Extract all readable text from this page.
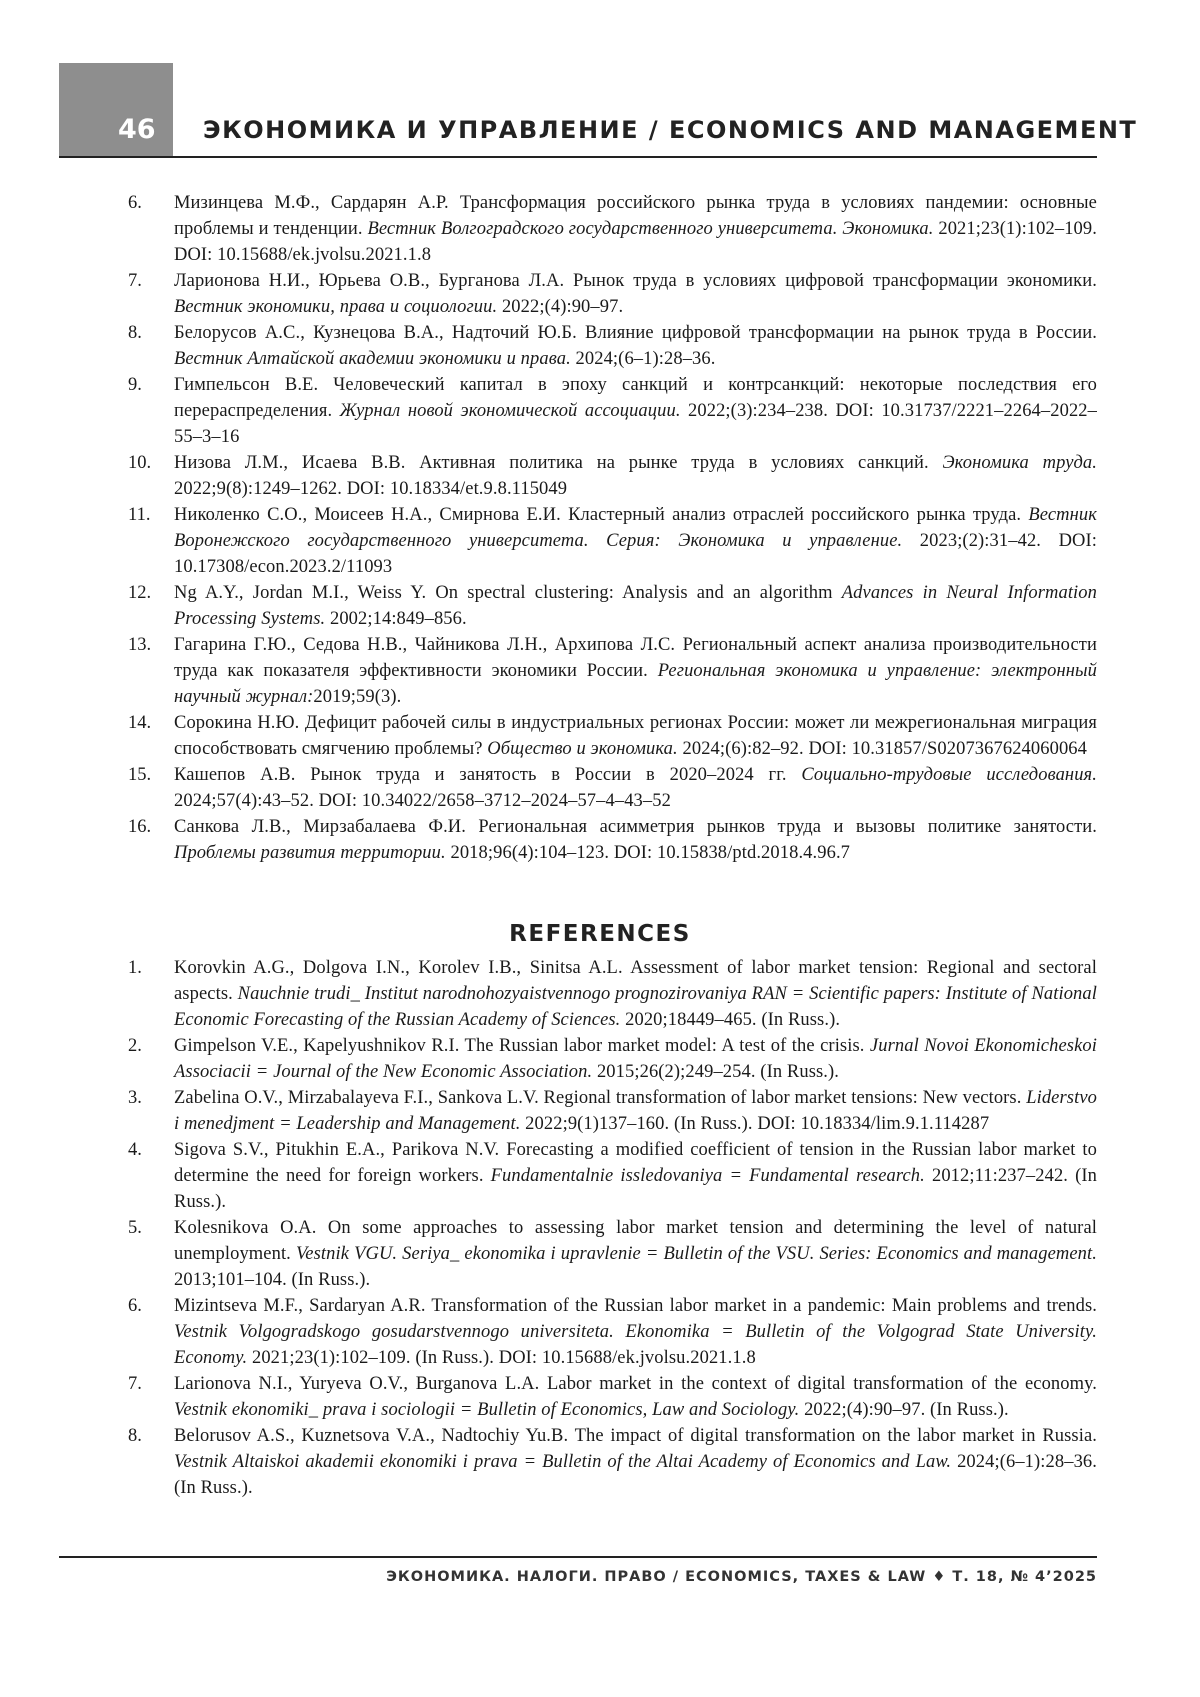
46 ЭКОНОМИКА И УПРАВЛЕНИЕ / ECONOMICS AND MANAGEMENT
6.	Мизинцева М.Ф., Сардарян А.Р. Трансформация российского рынка труда в условиях пандемии: основные проблемы и тенденции. Вестник Волгоградского государственного университета. Экономика. 2021;23(1):102–109. DOI: 10.15688/ek.jvolsu.2021.1.8
7.	Ларионова Н.И., Юрьева О.В., Бурганова Л.А. Рынок труда в условиях цифровой трансформации экономики. Вестник экономики, права и социологии. 2022;(4):90–97.
8.	Белорусов А.С., Кузнецова В.А., Надточий Ю.Б. Влияние цифровой трансформации на рынок труда в России. Вестник Алтайской академии экономики и права. 2024;(6–1):28–36.
9.	Гимпельсон В.Е. Человеческий капитал в эпоху санкций и контрсанкций: некоторые последствия его перераспределения. Журнал новой экономической ассоциации. 2022;(3):234–238. DOI: 10.31737/2221–2264–2022–55–3–16
10.	Низова Л.М., Исаева В.В. Активная политика на рынке труда в условиях санкций. Экономика труда. 2022;9(8):1249–1262. DOI: 10.18334/et.9.8.115049
11.	Николенко С.О., Моисеев Н.А., Смирнова Е.И. Кластерный анализ отраслей российского рынка труда. Вестник Воронежского государственного университета. Серия: Экономика и управление. 2023;(2):31–42. DOI: 10.17308/econ.2023.2/11093
12.	Ng A.Y., Jordan M.I., Weiss Y. On spectral clustering: Analysis and an algorithm Advances in Neural Information Processing Systems. 2002;14:849–856.
13.	Гагарина Г.Ю., Седова Н.В., Чайникова Л.Н., Архипова Л.С. Региональный аспект анализа производительности труда как показателя эффективности экономики России. Региональная экономика и управление: электронный научный журнал:2019;59(3).
14.	Сорокина Н.Ю. Дефицит рабочей силы в индустриальных регионах России: может ли межрегиональная миграция способствовать смягчению проблемы? Общество и экономика. 2024;(6):82–92. DOI: 10.31857/S0207367624060064
15.	Кашепов А.В. Рынок труда и занятость в России в 2020–2024 гг. Социально-трудовые исследования. 2024;57(4):43–52. DOI: 10.34022/2658–3712–2024–57–4–43–52
16.	Санкова Л.В., Мирзабалаева Ф.И. Региональная асимметрия рынков труда и вызовы политике занятости. Проблемы развития территории. 2018;96(4):104–123. DOI: 10.15838/ptd.2018.4.96.7
REFERENCES
1.	Korovkin A.G., Dolgova I.N., Korolev I.B., Sinitsa A.L. Assessment of labor market tension: Regional and sectoral aspects. Nauchnie trudi_ Institut narodnohozyaistvennogo prognozirovaniya RAN = Scientific papers: Institute of National Economic Forecasting of the Russian Academy of Sciences. 2020;18449–465. (In Russ.).
2.	Gimpelson V.E., Kapelyushnikov R.I. The Russian labor market model: A test of the crisis. Jurnal Novoi Ekonomicheskoi Associacii = Journal of the New Economic Association. 2015;26(2);249–254. (In Russ.).
3.	Zabelina O.V., Mirzabalayeva F.I., Sankova L.V. Regional transformation of labor market tensions: New vectors. Liderstvo i menedjment = Leadership and Management. 2022;9(1)137–160. (In Russ.). DOI: 10.18334/lim.9.1.114287
4.	Sigova S.V., Pitukhin E.A., Parikova N.V. Forecasting a modified coefficient of tension in the Russian labor market to determine the need for foreign workers. Fundamentalnie issledovaniya = Fundamental research. 2012;11:237–242. (In Russ.).
5.	Kolesnikova O.A. On some approaches to assessing labor market tension and determining the level of natural unemployment. Vestnik VGU. Seriya_ ekonomika i upravlenie = Bulletin of the VSU. Series: Economics and management. 2013;101–104. (In Russ.).
6.	Mizintseva M.F., Sardaryan A.R. Transformation of the Russian labor market in a pandemic: Main problems and trends. Vestnik Volgogradskogo gosudarstvennogo universiteta. Ekonomika = Bulletin of the Volgograd State University. Economy. 2021;23(1):102–109. (In Russ.). DOI: 10.15688/ek.jvolsu.2021.1.8
7.	Larionova N.I., Yuryeva O.V., Burganova L.A. Labor market in the context of digital transformation of the economy. Vestnik ekonomiki_ prava i sociologii = Bulletin of Economics, Law and Sociology. 2022;(4):90–97. (In Russ.).
8.	Belorusov A.S., Kuznetsova V.A., Nadtochiy Yu.B. The impact of digital transformation on the labor market in Russia. Vestnik Altaiskoi akademii ekonomiki i prava = Bulletin of the Altai Academy of Economics and Law. 2024;(6–1):28–36. (In Russ.).
ЭКОНОМИКА. НАЛОГИ. ПРАВО / ECONOMICS, TAXES & LAW ♦ Т. 18, № 4’2025
